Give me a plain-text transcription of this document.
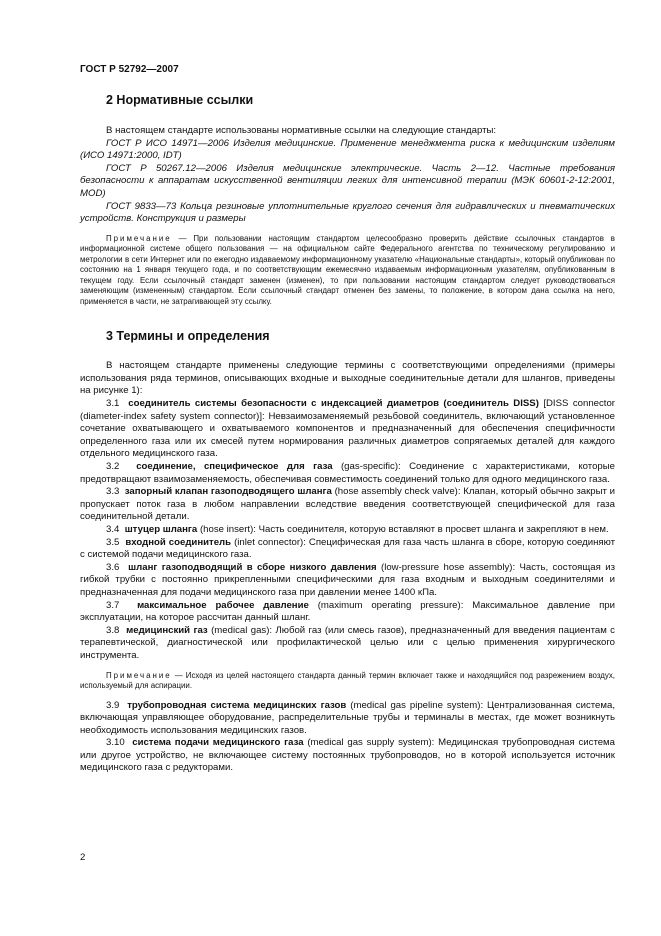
ГОСТ Р 52792—2007
2 Нормативные ссылки

В настоящем стандарте использованы нормативные ссылки на следующие стандарты:

ГОСТ Р ИСО 14971—2006 Изделия медицинские. Применение менеджмента риска к медицинским изделиям (ИСО 14971:2000, IDT)

ГОСТ Р 50267.12—2006 Изделия медицинские электрические. Часть 2—12. Частные требования безопасности к аппаратам искусственной вентиляции легких для интенсивной терапии (МЭК 60601-2-12:2001, MOD)

ГОСТ 9833—73 Кольца резиновые уплотнительные круглого сечения для гидравлических и пневматических устройств. Конструкция и размеры

Примечание — При пользовании настоящим стандартом целесообразно проверить действие ссылочных стандартов в информационной системе общего пользования — на официальном сайте Федерального агентства по техническому регулированию и метрологии в сети Интернет или по ежегодно издаваемому информационному указателю «Национальные стандарты», который опубликован по состоянию на 1 января текущего года, и по соответствующим ежемесячно издаваемым информационным указателям, опубликованным в текущем году. Если ссылочный стандарт заменен (изменен), то при пользовании настоящим стандартом следует руководствоваться заменяющим (измененным) стандартом. Если ссылочный стандарт отменен без замены, то положение, в котором дана ссылка на него, применяется в части, не затрагивающей эту ссылку.

3 Термины и определения

В настоящем стандарте применены следующие термины с соответствующими определениями (примеры использования ряда терминов, описывающих входные и выходные соединительные детали для шлангов, приведены на рисунке 1):

3.1 соединитель системы безопасности с индексацией диаметров (соединитель DISS) [DISS connector (diameter-index safety system connector)]: Невзаимозаменяемый резьбовой соединитель, включающий установленное сочетание охватывающего и охватываемого компонентов и предназначенный для обеспечения специфичности определенного газа или их смесей путем нормирования различных диаметров сопрягаемых деталей для каждого отдельного медицинского газа.

3.2 соединение, специфическое для газа (gas-specific): Соединение с характеристиками, которые предотвращают взаимозаменяемость, обеспечивая совместимость соединений только для одного медицинского газа.

3.3 запорный клапан газоподводящего шланга (hose assembly check valve): Клапан, который обычно закрыт и пропускает поток газа в любом направлении вследствие введения соответствующей специфической для газа соединительной детали.

3.4 штуцер шланга (hose insert): Часть соединителя, которую вставляют в просвет шланга и закрепляют в нем.

3.5 входной соединитель (inlet connector): Специфическая для газа часть шланга в сборе, которую соединяют с системой подачи медицинского газа.

3.6 шланг газоподводящий в сборе низкого давления (low-pressure hose assembly): Часть, состоящая из гибкой трубки с постоянно прикрепленными специфическими для газа входным и выходным соединителями и предназначенная для подачи медицинского газа при давлении менее 1400 кПа.

3.7 максимальное рабочее давление (maximum operating pressure): Максимальное давление при эксплуатации, на которое рассчитан данный шланг.

3.8 медицинский газ (medical gas): Любой газ (или смесь газов), предназначенный для введения пациентам с терапевтической, диагностической или профилактической целью или с целью применения хирургического инструмента.

Примечание — Исходя из целей настоящего стандарта данный термин включает также и находящийся под разрежением воздух, используемый для аспирации.

3.9 трубопроводная система медицинских газов (medical gas pipeline system): Централизованная система, включающая управляющее оборудование, распределительные трубы и терминалы в местах, где может возникнуть необходимость использования медицинских газов.

3.10 система подачи медицинского газа (medical gas supply system): Медицинская трубопроводная система или другое устройство, не включающее систему постоянных трубопроводов, но в которой используется источник медицинского газа с редукторами.

2
